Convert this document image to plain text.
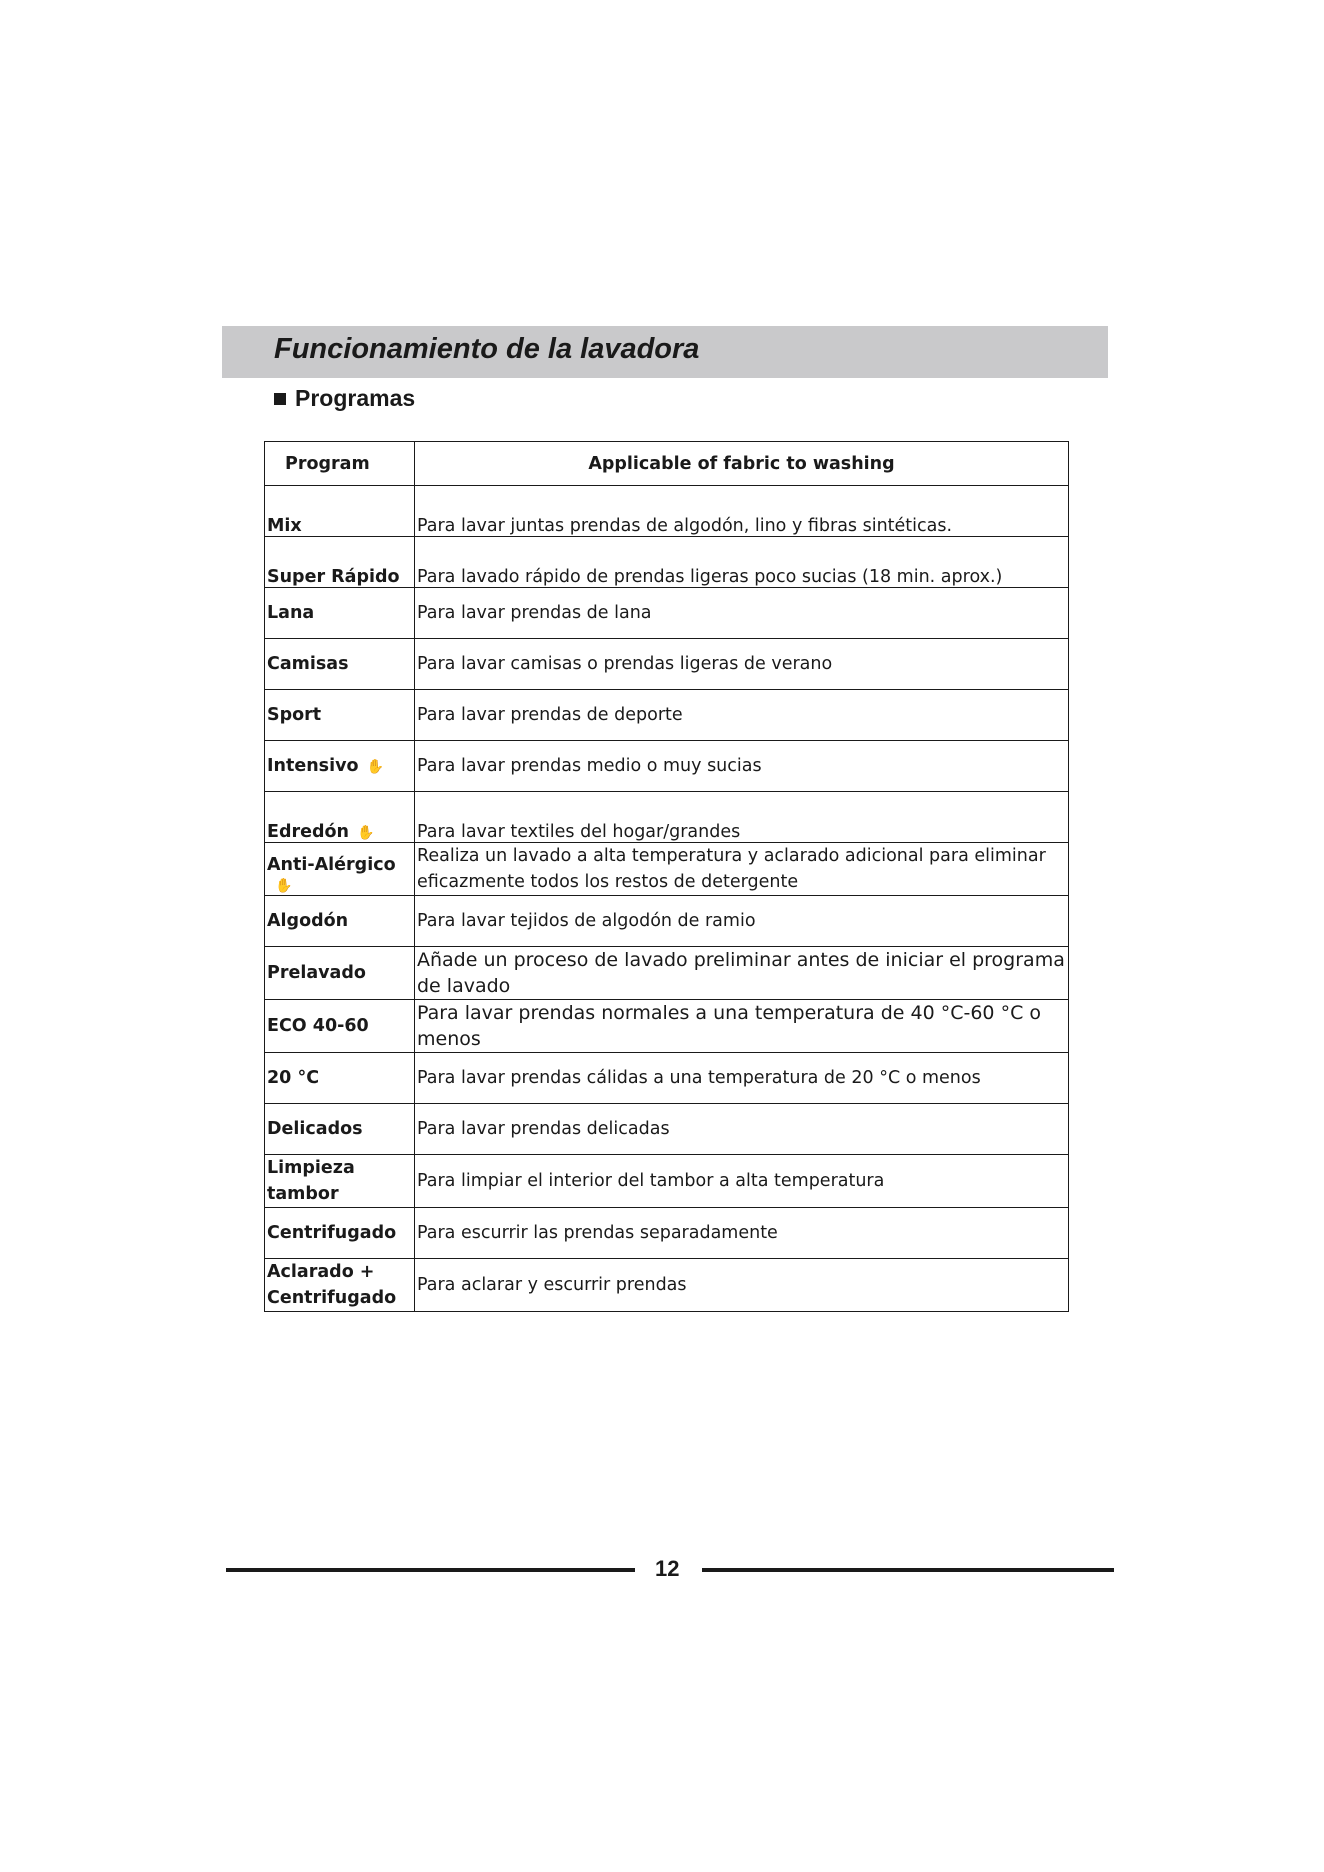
Funcionamiento de la lavadora
Programas
Program	Applicable of fabric to washing
Mix	Para lavar juntas prendas de algodón, lino y fibras sintéticas.
Super Rápido	Para lavado rápido de prendas ligeras poco sucias (18 min. aprox.)
Lana	Para lavar prendas de lana
Camisas	Para lavar camisas o prendas ligeras de verano
Sport	Para lavar prendas de deporte
Intensivo ✋	Para lavar prendas medio o muy sucias
Edredón ✋	Para lavar textiles del hogar/grandes
Anti-Alérgico✋	Realiza un lavado a alta temperatura y aclarado adicional para eliminar eficazmente todos los restos de detergente

Algodón	Para lavar tejidos de algodón de ramio
Prelavado	Añade un proceso de lavado preliminar antes de iniciar el programa de lavado

ECO 40-60	Para lavar prendas normales a una temperatura de 40 °C-60 °C o menos

20 °C	Para lavar prendas cálidas a una temperatura de 20 °C o menos
Delicados	Para lavar prendas delicadas

Limpieza tambor	Para limpiar el interior del tambor a alta temperatura
Centrifugado	Para escurrir las prendas separadamente

Aclarado + Centrifugado	Para aclarar y escurrir prendas
12
